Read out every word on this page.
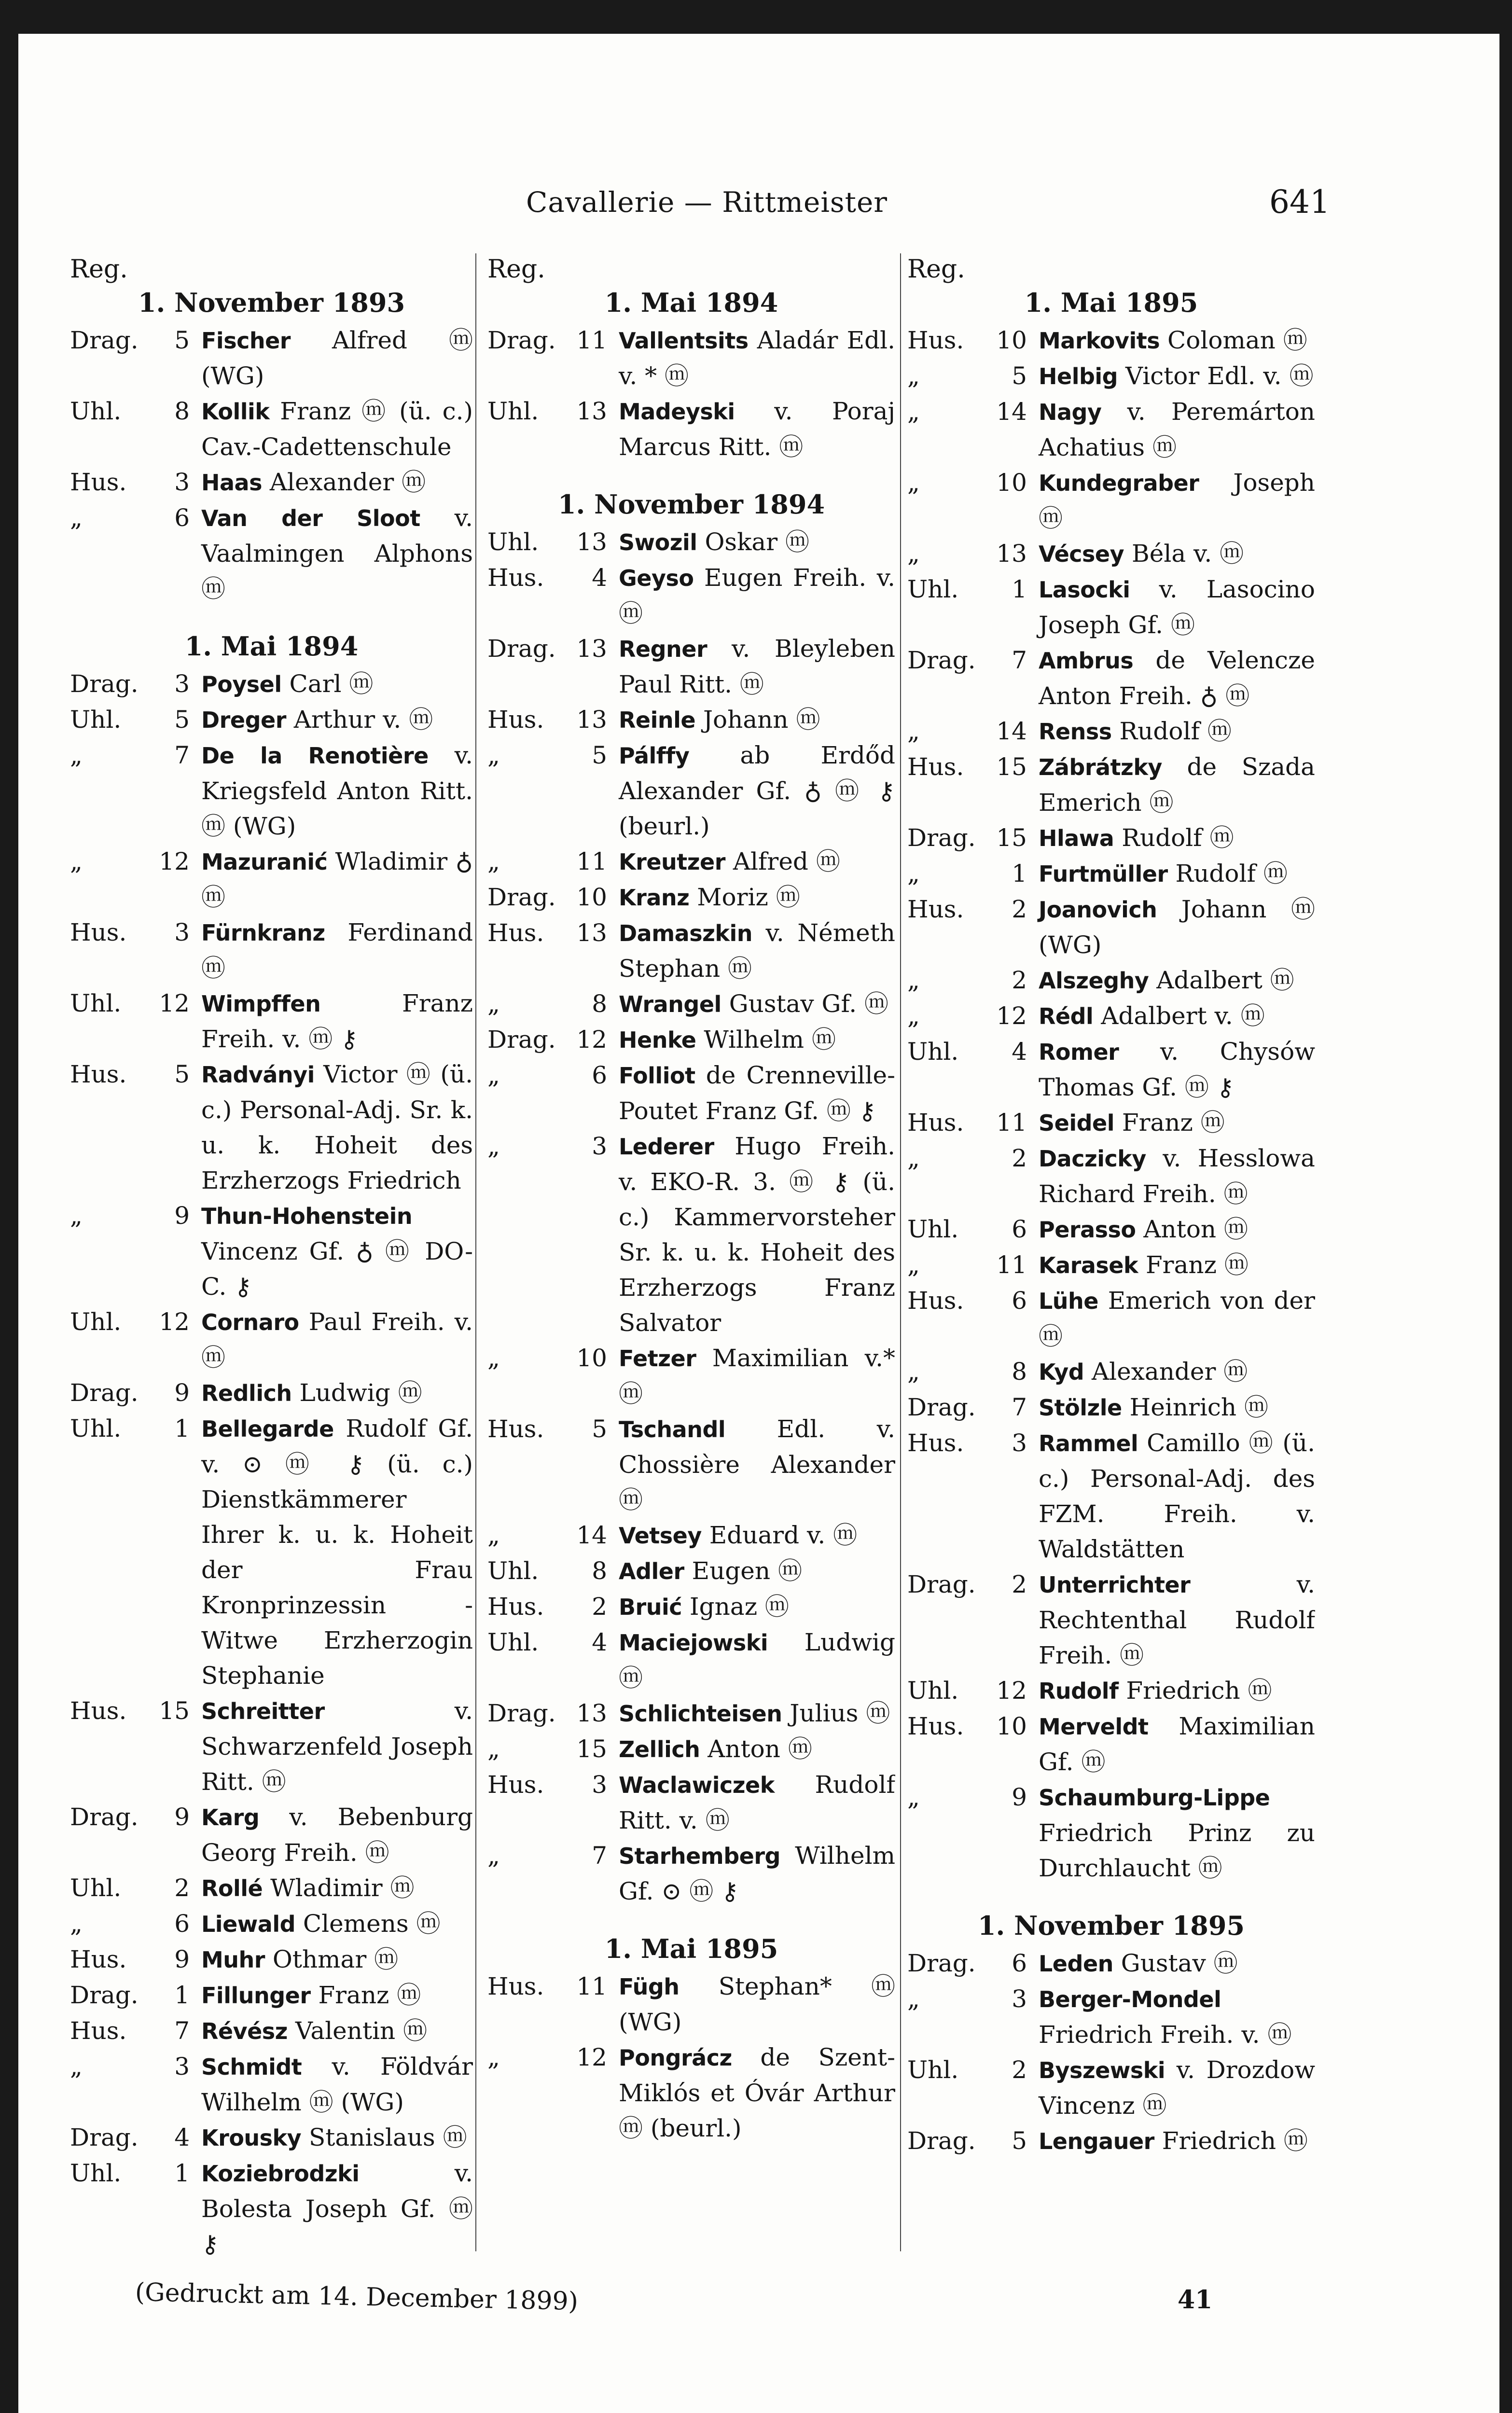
Cavallerie — Rittmeister	641
Reg.
1. November 1893
Drag.	5 Fischer Alfred ⓜ (WG)
Uhl.	8 Kollik Franz ⓜ (ü. c.) Cav.-Cadettenschule
Hus.	3 Haas Alexander ⓜ
„	6 Van der Sloot v. Vaalmingen Alphons ⓜ
1. Mai 1894
Drag.	3 Poysel Carl ⓜ
Uhl.	5 Dreger Arthur v. ⓜ
„	7 De la Renotière v. Kriegsfeld Anton Ritt. ⓜ (WG)
„	12 Mazuranić Wladimir ♁ ⓜ
Hus.	3 Fürnkranz Ferdinand ⓜ
Uhl.	12 Wimpffen Franz Freih. v. ⓜ ⚷
Hus.	5 Radványi Victor ⓜ (ü. c.) Personal-Adj. Sr. k. u. k. Hoheit des Erzherzogs Friedrich
„	9 Thun-Hohenstein Vincenz Gf. ♁ ⓜ DO-C. ⚷
Uhl.	12 Cornaro Paul Freih. v. ⓜ
Drag.	9 Redlich Ludwig ⓜ
Uhl.	1 Bellegarde Rudolf Gf. v. ⊙ ⓜ ⚷ (ü. c.) Dienstkämmerer Ihrer k. u. k. Hoheit der Frau Kronprinzessin - Witwe Erzherzogin Stephanie
Hus.	15 Schreitter v. Schwarzenfeld Joseph Ritt. ⓜ
Drag.	9 Karg v. Bebenburg Georg Freih. ⓜ
Uhl.	2 Rollé Wladimir ⓜ
„	6 Liewald Clemens ⓜ
Hus.	9 Muhr Othmar ⓜ
Drag.	1 Fillunger Franz ⓜ
Hus.	7 Révész Valentin ⓜ
„	3 Schmidt v. Földvár Wilhelm ⓜ (WG)
Drag.	4 Krousky Stanislaus ⓜ
Uhl.	1 Koziebrodzki v. Bolesta Joseph Gf. ⓜ ⚷
Reg.
1. Mai 1894
Drag. 11 Vallentsits Aladár Edl. v. * ⓜ
Uhl.	13 Madeyski v. Poraj Marcus Ritt. ⓜ
1. November 1894
Uhl.	13 Swozil Oskar ⓜ
Hus.	4 Geyso Eugen Freih. v. ⓜ
Drag. 13 Regner v. Bleyleben Paul Ritt. ⓜ
Hus.	13 Reinle Johann ⓜ
„	5 Pálffy ab Erdőd Alexander Gf. ♁ ⓜ ⚷ (beurl.)
„	11 Kreutzer Alfred ⓜ
Drag. 10 Kranz Moriz ⓜ
Hus.	13 Damaszkin v. Németh Stephan ⓜ
„	8 Wrangel Gustav Gf. ⓜ
Drag. 12 Henke Wilhelm ⓜ
„	6 Folliot de Crenneville-Poutet Franz Gf. ⓜ ⚷
„	3 Lederer Hugo Freih. v. EKO-R. 3. ⓜ ⚷ (ü. c.) Kammervorsteher Sr. k. u. k. Hoheit des Erzherzogs Franz Salvator
„	10 Fetzer Maximilian v.* ⓜ
Hus.	5 Tschandl Edl. v. Chossière Alexander ⓜ
„	14 Vetsey Eduard v. ⓜ
Uhl.	8 Adler Eugen ⓜ
Hus.	2 Bruić Ignaz ⓜ
Uhl.	4 Maciejowski Ludwig ⓜ
Drag. 13 Schlichteisen Julius ⓜ
„	15 Zellich Anton ⓜ
Hus.	3 Waclawiczek Rudolf Ritt. v. ⓜ
„	7 Starhemberg Wilhelm Gf. ⊙ ⓜ ⚷
1. Mai 1895
Hus.	11 Fügh Stephan* ⓜ (WG)
„	12 Pongrácz de Szent-Miklós et Óvár Arthur ⓜ (beurl.)
Reg.
1. Mai 1895
Hus.	10 Markovits Coloman ⓜ
„	5 Helbig Victor Edl. v. ⓜ
„	14 Nagy v. Peremárton Achatius ⓜ
„	10 Kundegraber Joseph ⓜ
„	13 Vécsey Béla v. ⓜ
Uhl.	1 Lasocki v. Lasocino Joseph Gf. ⓜ
Drag.	7 Ambrus de Velencze Anton Freih. ♁ ⓜ
„	14 Renss Rudolf ⓜ
Hus.	15 Zábrátzky de Szada Emerich ⓜ
Drag. 15 Hlawa Rudolf ⓜ
„	1 Furtmüller Rudolf ⓜ
Hus.	2 Joanovich Johann ⓜ (WG)
„	2 Alszeghy Adalbert ⓜ
„	12 Rédl Adalbert v. ⓜ
Uhl.	4 Romer v. Chysów Thomas Gf. ⓜ ⚷
Hus.	11 Seidel Franz ⓜ
„	2 Daczicky v. Hesslowa Richard Freih. ⓜ
Uhl.	6 Perasso Anton ⓜ
„	11 Karasek Franz ⓜ
Hus.	6 Lühe Emerich von der ⓜ
„	8 Kyd Alexander ⓜ
Drag.	7 Stölzle Heinrich ⓜ
Hus.	3 Rammel Camillo ⓜ (ü. c.) Personal-Adj. des FZM. Freih. v. Waldstätten
Drag.	2 Unterrichter v. Rechtenthal Rudolf Freih. ⓜ
Uhl.	12 Rudolf Friedrich ⓜ
Hus.	10 Merveldt Maximilian Gf. ⓜ
„	9 Schaumburg-Lippe Friedrich Prinz zu Durchlaucht ⓜ
1. November 1895
Drag.	6 Leden Gustav ⓜ
„	3 Berger-Mondel Friedrich Freih. v. ⓜ
Uhl.	2 Byszewski v. Drozdow Vincenz ⓜ
Drag.	5 Lengauer Friedrich ⓜ
(Gedruckt am 14. December 1899)	41
